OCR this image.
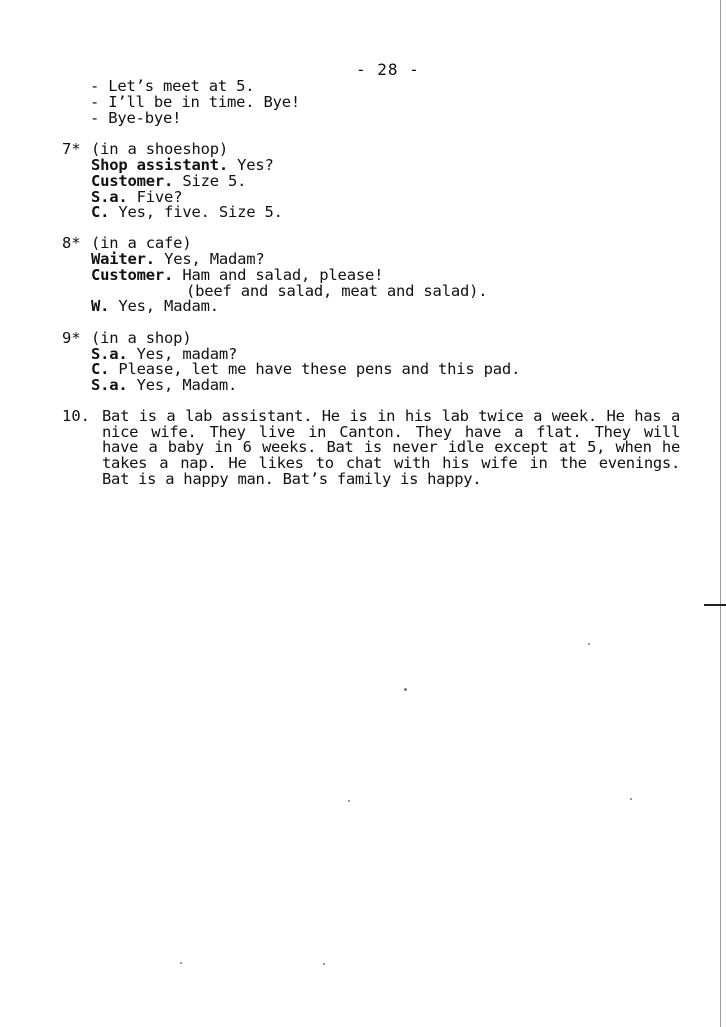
- 28 -
- Let’s meet at 5.
- I’ll be in time. Bye!
- Bye-bye!
7* (in a shoeshop)
Shop assistant. Yes?
Customer. Size 5.
S.a. Five?
C. Yes, five. Size 5.
8* (in a cafe)
Waiter. Yes, Madam?
Customer. Ham and salad, please!
(beef and salad, meat and salad).
W. Yes, Madam.
9* (in a shop)
S.a. Yes, madam?
C. Please, let me have these pens and this pad.
S.a. Yes, Madam.
10. Bat is a lab assistant. He is in his lab twice a week. He has a nice wife. They live in Canton. They have a flat. They will have a baby in 6 weeks. Bat is never idle except at 5, when he takes a nap. He likes to chat with his wife in the evenings. Bat is a happy man. Bat’s family is happy.
